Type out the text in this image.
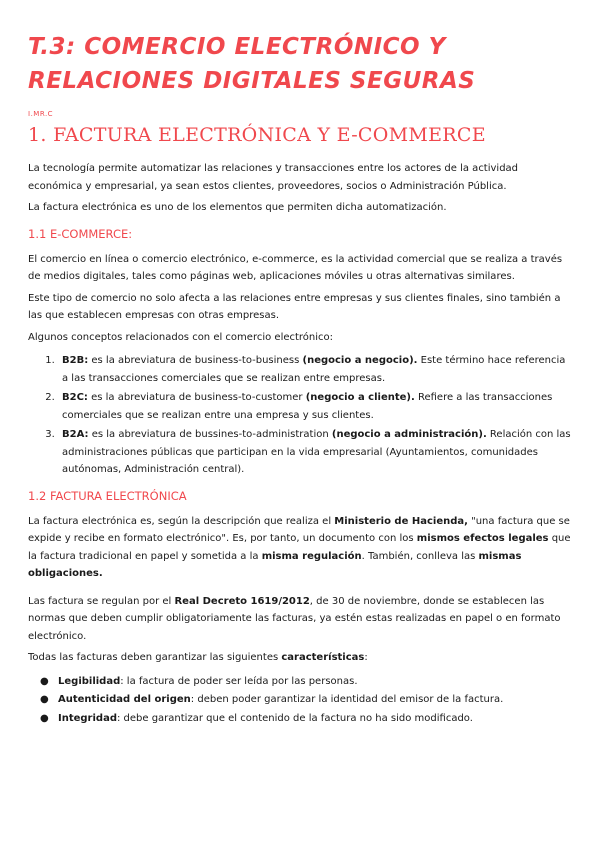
T.3: COMERCIO ELECTRÓNICO Y RELACIONES DIGITALES SEGURAS
I.MR.C
1. FACTURA ELECTRÓNICA Y E-COMMERCE

La tecnología permite automatizar las relaciones y transacciones entre los actores de la actividad económica y empresarial, ya sean estos clientes, proveedores, socios o Administración Pública.

La factura electrónica es uno de los elementos que permiten dicha automatización.

1.1 E-COMMERCE:

El comercio en línea o comercio electrónico, e-commerce, es la actividad comercial que se realiza a través de medios digitales, tales como páginas web, aplicaciones móviles u otras alternativas similares.

Este tipo de comercio no solo afecta a las relaciones entre empresas y sus clientes finales, sino también a las que establecen empresas con otras empresas.

Algunos conceptos relacionados con el comercio electrónico:

1. B2B: es la abreviatura de business-to-business (negocio a negocio). Este término hace referencia a las transacciones comerciales que se realizan entre empresas.
2. B2C: es la abreviatura de business-to-customer (negocio a cliente). Refiere a las transacciones comerciales que se realizan entre una empresa y sus clientes.
3. B2A: es la abreviatura de bussines-to-administration (negocio a administración). Relación con las administraciones públicas que participan en la vida empresarial (Ayuntamientos, comunidades autónomas, Administración central).
1.2 FACTURA ELECTRÓNICA

La factura electrónica es, según la descripción que realiza el Ministerio de Hacienda, "una factura que se expide y recibe en formato electrónico". Es, por tanto, un documento con los mismos efectos legales que la factura tradicional en papel y sometida a la misma regulación. También, conlleva las mismas obligaciones.

Las factura se regulan por el Real Decreto 1619/2012, de 30 de noviembre, donde se establecen las normas que deben cumplir obligatoriamente las facturas, ya estén estas realizadas en papel o en formato electrónico.

Todas las facturas deben garantizar las siguientes características:

● Legibilidad: la factura de poder ser leída por las personas.
● Autenticidad del origen: deben poder garantizar la identidad del emisor de la factura.
● Integridad: debe garantizar que el contenido de la factura no ha sido modificado.
